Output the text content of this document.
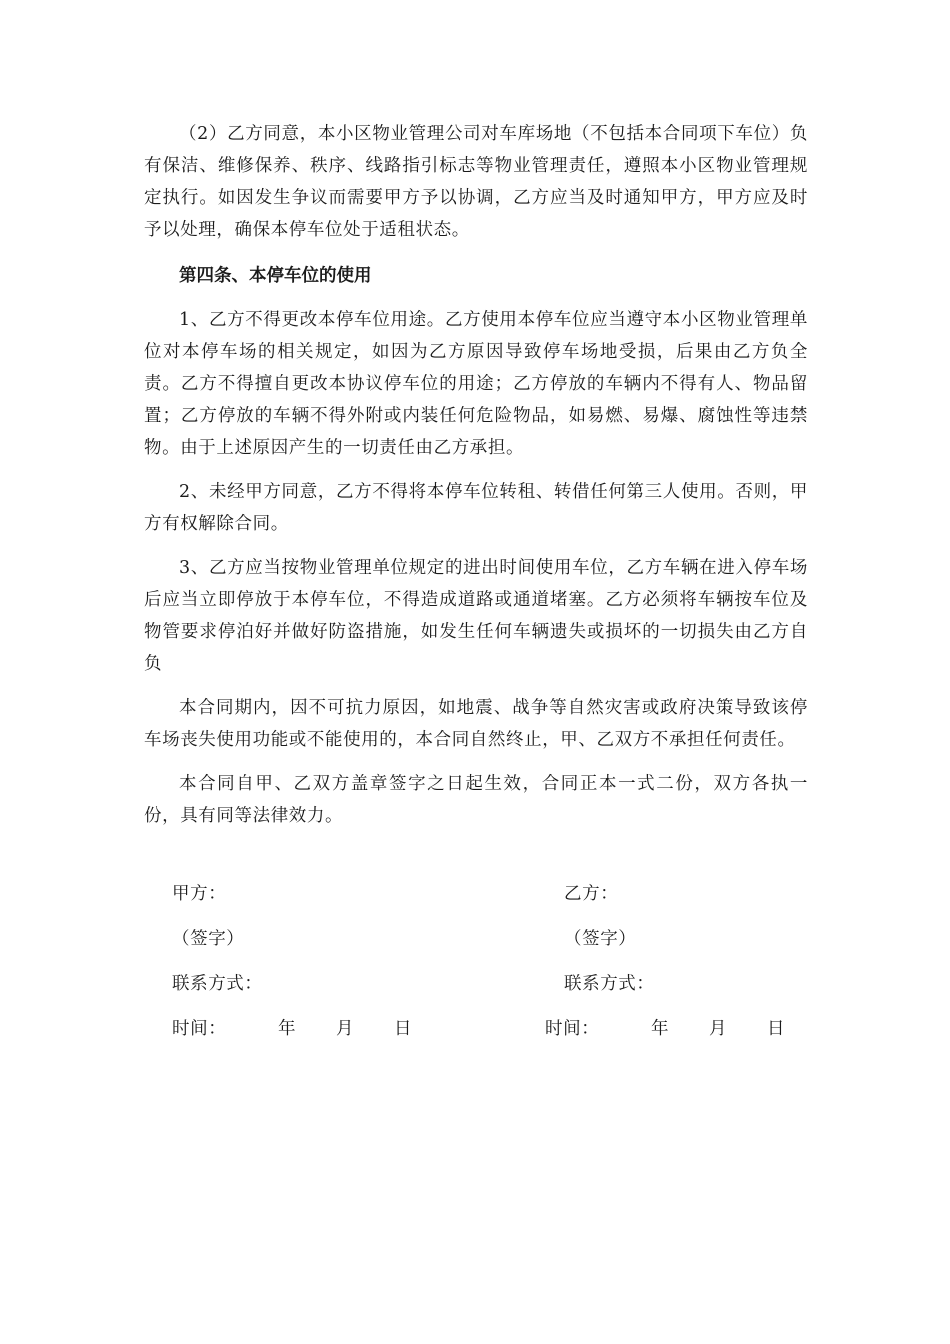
（2）乙方同意，本小区物业管理公司对车库场地（不包括本合同项下车位）负有保洁、维修保养、秩序、线路指引标志等物业管理责任，遵照本小区物业管理规定执行。如因发生争议而需要甲方予以协调，乙方应当及时通知甲方，甲方应及时予以处理，确保本停车位处于适租状态。

第四条、本停车位的使用

1、乙方不得更改本停车位用途。乙方使用本停车位应当遵守本小区物业管理单位对本停车场的相关规定，如因为乙方原因导致停车场地受损，后果由乙方负全责。乙方不得擅自更改本协议停车位的用途；乙方停放的车辆内不得有人、物品留置；乙方停放的车辆不得外附或内装任何危险物品，如易燃、易爆、腐蚀性等违禁物。由于上述原因产生的一切责任由乙方承担。

2、未经甲方同意，乙方不得将本停车位转租、转借任何第三人使用。否则，甲方有权解除合同。

3、乙方应当按物业管理单位规定的进出时间使用车位，乙方车辆在进入停车场后应当立即停放于本停车位，不得造成道路或通道堵塞。乙方必须将车辆按车位及物管要求停泊好并做好防盗措施，如发生任何车辆遗失或损坏的一切损失由乙方自负

本合同期内，因不可抗力原因，如地震、战争等自然灾害或政府决策导致该停车场丧失使用功能或不能使用的，本合同自然终止，甲、乙双方不承担任何责任。

本合同自甲、乙双方盖章签字之日起生效，合同正本一式二份，双方各执一份，具有同等法律效力。

甲方：
（签字）
联系方式：
时间：	年 月 日
乙方：
（签字）
联系方式：
时间：	年 月 日
